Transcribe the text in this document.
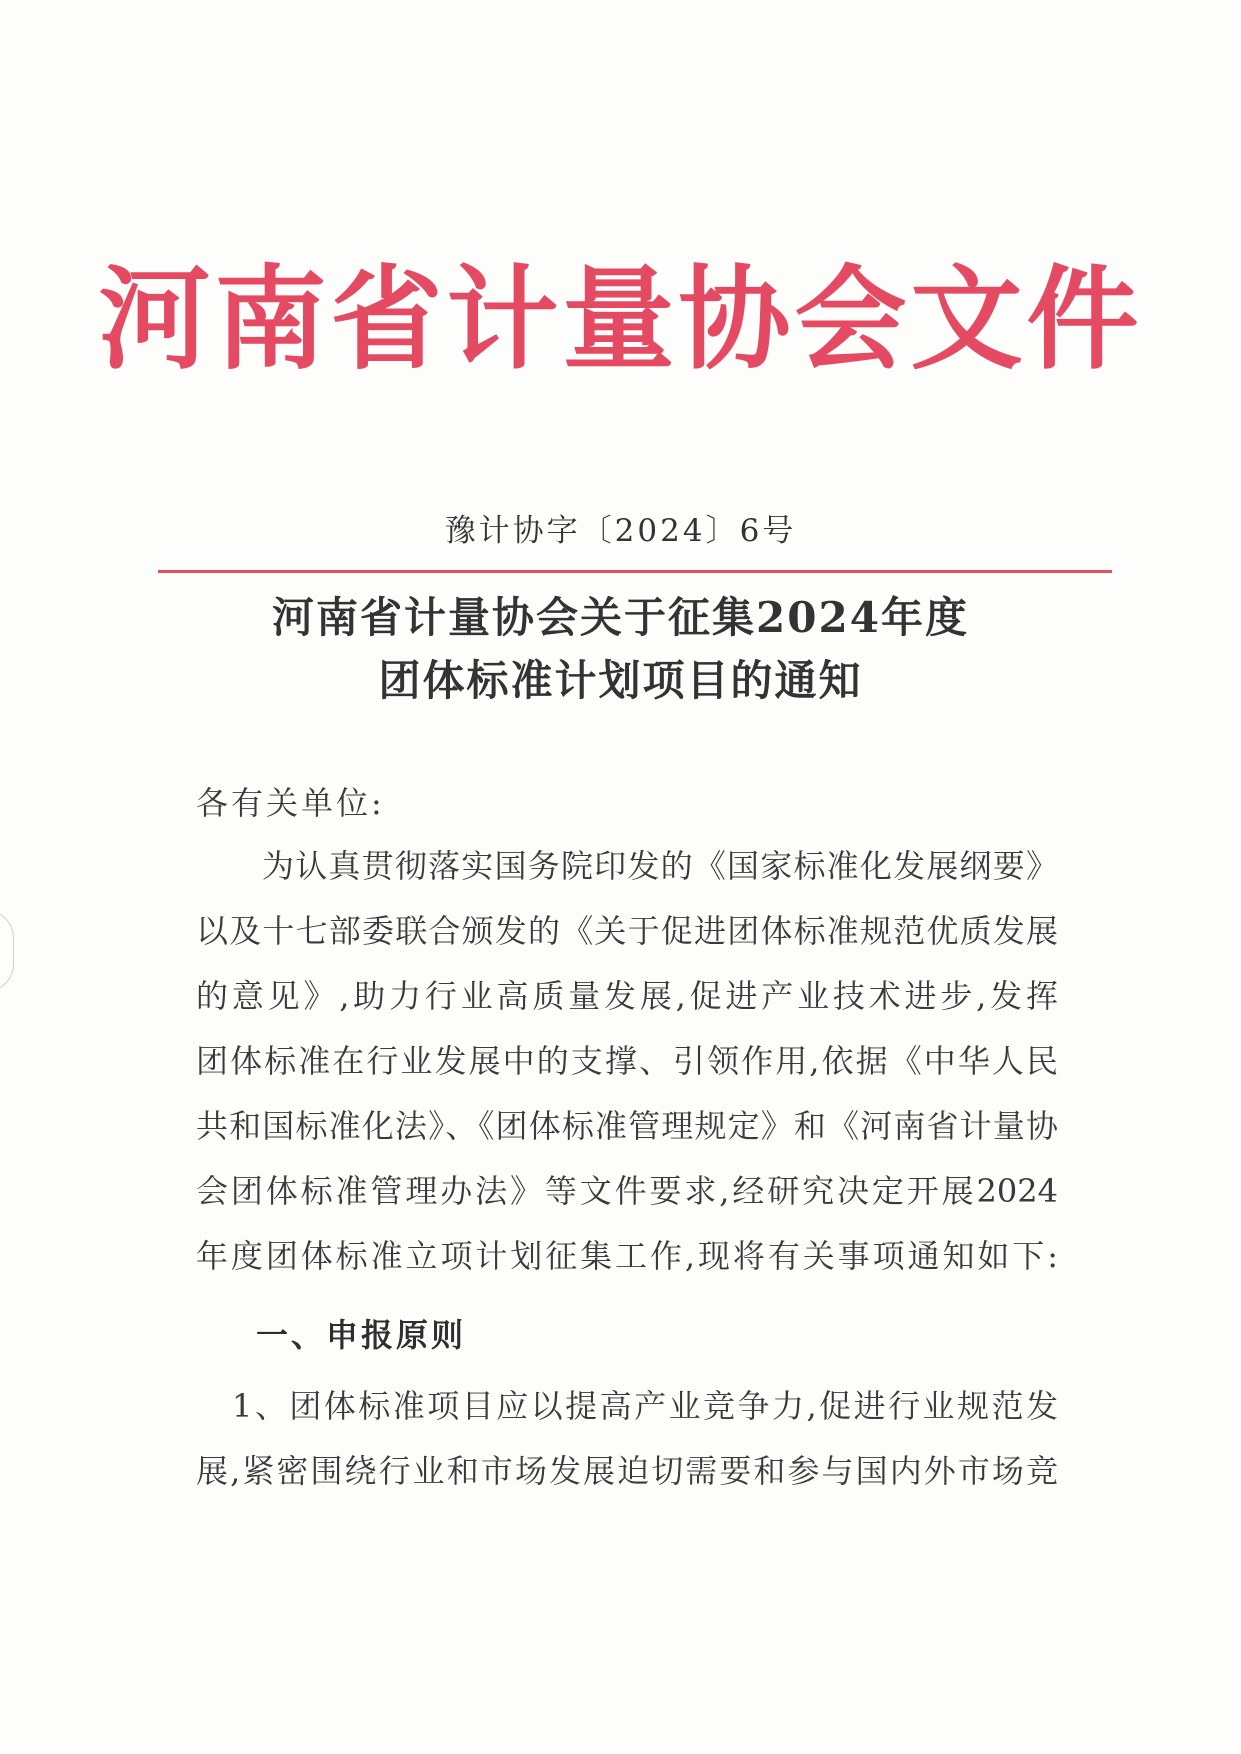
河南省计量协会文件
豫计协字〔2024〕6号
河南省计量协会关于征集2024年度
团体标准计划项目的通知
各有关单位:
为认真贯彻落实国务院印发的《国家标准化发展纲要》
以及十七部委联合颁发的《关于促进团体标准规范优质发展
的意见》,助力行业高质量发展,促进产业技术进步,发挥
团体标准在行业发展中的支撑、引领作用,依据《中华人民
共和国标准化法》、《团体标准管理规定》和《河南省计量协
会团体标准管理办法》等文件要求,经研究决定开展2024
年度团体标准立项计划征集工作,现将有关事项通知如下:
一、申报原则
1、团体标准项目应以提高产业竞争力,促进行业规范发
展,紧密围绕行业和市场发展迫切需要和参与国内外市场竞
